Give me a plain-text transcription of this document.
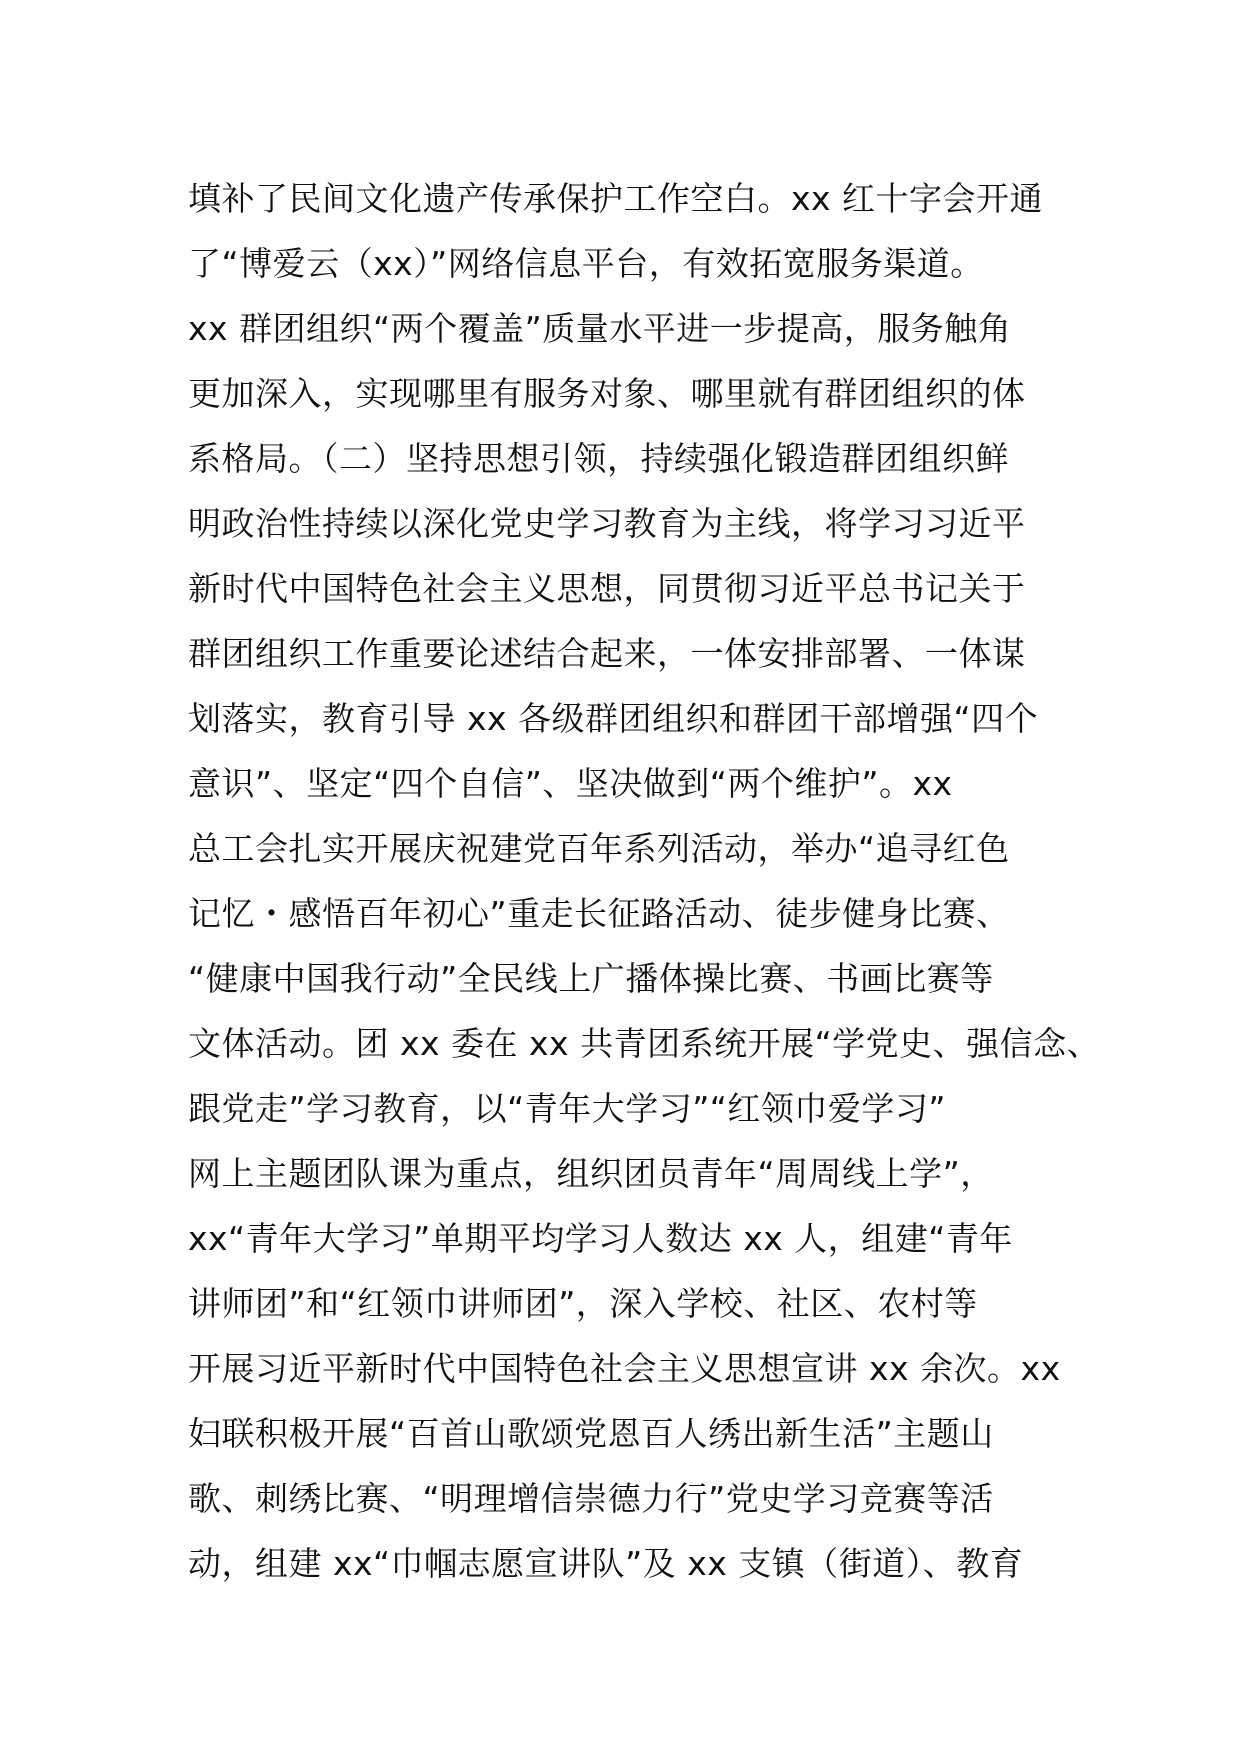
填补了民间文化遗产传承保护工作空白。xx 红十字会开通
了“博爱云（xx）”网络信息平台，有效拓宽服务渠道。
xx 群团组织“两个覆盖”质量水平进一步提高，服务触角
更加深入，实现哪里有服务对象、哪里就有群团组织的体
系格局。（二）坚持思想引领，持续强化锻造群团组织鲜
明政治性持续以深化党史学习教育为主线，将学习习近平
新时代中国特色社会主义思想，同贯彻习近平总书记关于
群团组织工作重要论述结合起来，一体安排部署、一体谋
划落实，教育引导 xx 各级群团组织和群团干部增强“四个
意识”、坚定“四个自信”、坚决做到“两个维护”。xx
总工会扎实开展庆祝建党百年系列活动，举办“追寻红色
记忆・感悟百年初心”重走长征路活动、徒步健身比赛、
“健康中国我行动”全民线上广播体操比赛、书画比赛等
文体活动。团 xx 委在 xx 共青团系统开展“学党史、强信念、
跟党走”学习教育，以“青年大学习”“红领巾爱学习”
网上主题团队课为重点，组织团员青年“周周线上学”，
xx“青年大学习”单期平均学习人数达 xx 人，组建“青年
讲师团”和“红领巾讲师团”，深入学校、社区、农村等
开展习近平新时代中国特色社会主义思想宣讲 xx 余次。xx
妇联积极开展“百首山歌颂党恩百人绣出新生活”主题山
歌、刺绣比赛、“明理增信崇德力行”党史学习竞赛等活
动，组建 xx“巾帼志愿宣讲队”及 xx 支镇（街道）、教育
